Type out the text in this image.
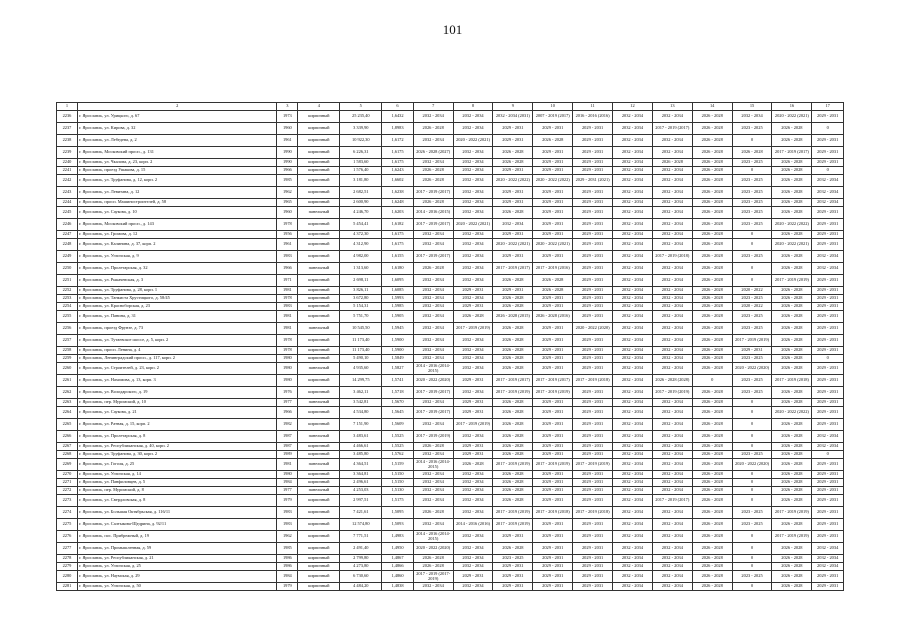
101
1	2	3	4	5	6	7	8	9	10	11	12	13	14	15	16	17
2236	г. Ярославль, ул. Урицкого, д. 67	1973	кирпичный	25 235,40	1,6432	2032 - 2034	2032 - 2034	2032 - 2034 (2031)	2007 - 2019 (2017)	2016 - 2016 (2016)	2032 - 2034	2032 - 2034	2026 - 2028	2032 - 2034	2020 - 2022 (2021)	2029 - 2031
2237	г. Ярославль, ул. Кирова, д. 32	1960	кирпичный	3 339,90	1,8983	2026 - 2028	2032 - 2034	2029 - 2031	2029 - 2031	2029 - 2031	2032 - 2034	2017 - 2019 (2017)	2026 - 2028	2023 - 2025	2026 - 2028	0
2238	г. Ярославль, ул. Лебедева, д. 2	1961	кирпичный	10 922,30	1,6172	2032 - 2034	2020 - 2022 (2021)	2029 - 2031	2026 - 2028	2029 - 2031	2032 - 2034	2032 - 2034	2026 - 2028	0	2026 - 2028	2029 - 2031
2239	г. Ярославль, Московский просп., д. 131	1990	кирпичный	6 226,31	1,6175	2026 - 2028 (2027)	2032 - 2034	2026 - 2028	2029 - 2031	2029 - 2031	2032 - 2034	2032 - 2034	2026 - 2028	2026 - 2028	2017 - 2019 (2017)	2029 - 2031
2240	г. Ярославль, ул. Чкалова, д. 23, корп. 2	1990	кирпичный	1 583,60	1,6175	2032 - 2034	2032 - 2034	2026 - 2028	2029 - 2031	2029 - 2031	2032 - 2034	2026 - 2028	2026 - 2028	2023 - 2025	2026 - 2028	2029 - 2031
2241	г. Ярославль, проезд Ушакова, д. 15	1966	кирпичный	1 576,40	1,6243	2026 - 2028	2032 - 2034	2029 - 2031	2029 - 2031	2029 - 2031	2032 - 2034	2032 - 2034	2026 - 2028	0	2026 - 2028	0
2242	г. Ярославль, ул. Труфанова, д. 12, корп. 2	1985	кирпичный	3 181,80	1,6602	2026 - 2028	2032 - 2034	2020 - 2022 (2022)	2020 - 2022 (2022)	2029 - 2031 (2021)	2032 - 2034	2032 - 2034	2026 - 2028	2023 - 2025	2026 - 2028	2032 - 2034
2243	г. Ярославль, ул. Левитана, д. 12	1962	кирпичный	2 682,51	1,6238	2017 - 2019 (2017)	2032 - 2034	2029 - 2031	2029 - 2031	2029 - 2031	2032 - 2034	2032 - 2034	2026 - 2028	2023 - 2025	2026 - 2028	2032 - 2034
2244	г. Ярославль, просп. Машиностроителей, д. 58	1965	кирпичный	2 600,90	1,6248	2026 - 2028	2032 - 2034	2029 - 2031	2029 - 2031	2029 - 2031	2032 - 2034	2032 - 2034	2026 - 2028	2023 - 2025	2026 - 2028	2032 - 2034
2245	г. Ярославль, ул. Саукова, д. 10	1960	панельный	4 246,70	1,6203	2014 - 2016 (2015)	2032 - 2034	2026 - 2028	2029 - 2031	2029 - 2031	2032 - 2034	2032 - 2034	2026 - 2028	2023 - 2025	2026 - 2028	2029 - 2031
2246	г. Ярославль, Московский просп., д. 143	1978	кирпичный	5 454,41	1,6182	2017 - 2019 (2017)	2020 - 2022 (2021)	2032 - 2034	2029 - 2031	2029 - 2031	2032 - 2034	2032 - 2034	2026 - 2028	2023 - 2025	2020 - 2022 (2022)	2029 - 2031
2247	г. Ярославль, ул. Громова, д. 12	1956	кирпичный	4 372,30	1,6175	2032 - 2034	2032 - 2034	2029 - 2031	2029 - 2031	2029 - 2031	2032 - 2034	2032 - 2034	2026 - 2028	0	2026 - 2028	2029 - 2031
2248	г. Ярославль, ул. Калинина, д. 37, корп. 2	1961	кирпичный	4 312,90	1,6175	2032 - 2034	2032 - 2034	2020 - 2022 (2021)	2020 - 2022 (2021)	2029 - 2031	2032 - 2034	2032 - 2034	2026 - 2028	0	2020 - 2022 (2021)	2029 - 2031
2249	г. Ярославль, ул. Угличская, д. 9	1983	кирпичный	4 982,00	1,6155	2017 - 2019 (2017)	2032 - 2034	2029 - 2031	2029 - 2031	2029 - 2031	2032 - 2034	2017 - 2019 (2018)	2026 - 2028	2023 - 2025	2026 - 2028	2032 - 2034
2250	г. Ярославль, ул. Пролетарская, д. 32	1966	панельный	1 313,60	1,6180	2026 - 2028	2032 - 2034	2017 - 2019 (2017)	2017 - 2019 (2016)	2029 - 2031	2032 - 2034	2032 - 2034	2026 - 2028	0	2026 - 2028	2032 - 2034
2251	г. Ярославль, ул. Рыкачевская, д. 3	1971	кирпичный	2 698,11	1,6095	2032 - 2034	2032 - 2034	2026 - 2028	2026 - 2028	2029 - 2031	2032 - 2034	2032 - 2034	2026 - 2028	0	2017 - 2019 (2019)	2029 - 2031
2252	г. Ярославль, ул. Труфанова, д. 28, корп. 1	1981	кирпичный	3 826,11	1,6085	2032 - 2034	2029 - 2031	2029 - 2031	2026 - 2028	2029 - 2031	2032 - 2034	2032 - 2034	2026 - 2028	2020 - 2022	2026 - 2028	2029 - 2031
2253	г. Ярославль, ул. Танкиста Хрустицкого, д. 58/45	1978	кирпичный	3 672,80	1,5993	2032 - 2034	2032 - 2034	2026 - 2028	2029 - 2031	2029 - 2031	2032 - 2034	2032 - 2034	2026 - 2028	2023 - 2025	2026 - 2028	2029 - 2031
2254	г. Ярославль, ул. Красноборская, д. 23	1983	кирпичный	5 154,31	1,5985	2032 - 2034	2029 - 2031	2026 - 2028	2029 - 2031	2029 - 2031	2032 - 2034	2032 - 2034	2026 - 2028	2020 - 2022	2026 - 2028	2029 - 2031
2255	г. Ярославль, ул. Панина, д. 31	1981	кирпичный	5 751,70	1,5905	2032 - 2034	2026 - 2028	2026 - 2028 (2015)	2026 - 2028 (2016)	2029 - 2031	2032 - 2034	2032 - 2034	2026 - 2028	2023 - 2025	2026 - 2028	2029 - 2031
2256	г. Ярославль, проезд Фрунзе, д. 73	1981	панельный	10 545,50	1,5945	2032 - 2034	2017 - 2019 (2019)	2026 - 2028	2029 - 2031	2020 - 2022 (2020)	2032 - 2034	2032 - 2034	2026 - 2028	2023 - 2025	2026 - 2028	2029 - 2031
2257	г. Ярославль, ул. Тутаевское шоссе, д. 5, корп. 2	1978	кирпичный	11 173,40	1,5900	2032 - 2034	2032 - 2034	2026 - 2028	2029 - 2031	2029 - 2031	2032 - 2034	2032 - 2034	2026 - 2028	2017 - 2019 (2019)	2026 - 2028	2029 - 2031
2258	г. Ярославль, просп. Ленина, д. 4	1978	кирпичный	11 173,40	1,5900	2032 - 2034	2032 - 2034	2026 - 2028	2029 - 2031	2029 - 2031	2032 - 2034	2032 - 2034	2026 - 2028	2029 - 2031	2026 - 2028	2029 - 2031
2259	г. Ярославль, Ленинградский просп., д. 117, корп. 2	1980	кирпичный	5 490,10	1,5849	2032 - 2034	2032 - 2034	2026 - 2028	2029 - 2031	2029 - 2031	2032 - 2034	2032 - 2034	2026 - 2028	2023 - 2025	2026 - 2028	0
2260	г. Ярославль, ул. Строителей, д. 23, корп. 2	1980	панельный	4 935,60	1,5827	2014 - 2016 (2014-2015)	2032 - 2034	2026 - 2028	2029 - 2031	2029 - 2031	2032 - 2034	2032 - 2034	2026 - 2028	2020 - 2022 (2020)	2026 - 2028	2029 - 2031
2261	г. Ярославль, ул. Нахимова, д. 13, корп. 3	1980	кирпичный	14 299,75	1,5741	2020 - 2022 (2020)	2029 - 2031	2017 - 2019 (2017)	2017 - 2019 (2017)	2017 - 2019 (2018)	2032 - 2034	2026 - 2028 (2028)	0	2023 - 2025	2017 - 2019 (2018)	2029 - 2031
2262	г. Ярославль, ул. Володарского, д. 19	1976	кирпичный	3 462,11	1,5718	2017 - 2019 (2017)	2032 - 2034	2017 - 2019 (2019)	2017 - 2019 (2019)	2029 - 2031	2032 - 2034	2017 - 2019 (2019)	2026 - 2028	2023 - 2025	2026 - 2028	2029 - 2031
2263	г. Ярославль, пер. Муромский, д. 10	1977	панельный	3 542,81	1,5670	2032 - 2034	2029 - 2031	2026 - 2028	2029 - 2031	2029 - 2031	2032 - 2034	2032 - 2034	2026 - 2028	0	2026 - 2028	2029 - 2031
2264	г. Ярославль, ул. Саукова, д. 21	1966	кирпичный	4 534,80	1,5645	2017 - 2019 (2017)	2029 - 2031	2026 - 2028	2029 - 2031	2029 - 2031	2032 - 2034	2032 - 2034	2026 - 2028	0	2020 - 2022 (2022)	2029 - 2031
2265	г. Ярославль, ул. Ратная, д. 15, корп. 2	1982	кирпичный	7 151,90	1,5609	2032 - 2034	2017 - 2019 (2019)	2026 - 2028	2029 - 2031	2029 - 2031	2032 - 2034	2032 - 2034	2026 - 2028	0	2026 - 2028	2029 - 2031
2266	г. Ярославль, ул. Пролетарская, д. 8	1987	панельный	3 483,61	1,5525	2017 - 2019 (2019)	2032 - 2034	2026 - 2028	2029 - 2031	2029 - 2031	2032 - 2034	2032 - 2034	2026 - 2028	0	2026 - 2028	2032 - 2034
2267	г. Ярославль, ул. Республиканская, д. 40, корп. 2	1987	кирпичный	4 466,61	1,5525	2026 - 2028	2029 - 2031	2026 - 2028	2029 - 2031	2029 - 2031	2032 - 2034	2032 - 2034	2026 - 2028	0	2026 - 2028	2032 - 2034
2268	г. Ярославль, ул. Труфанова, д. 30, корп. 2	1989	кирпичный	3 485,80	1,5762	2032 - 2034	2029 - 2031	2026 - 2028	2029 - 2031	2029 - 2031	2032 - 2034	2032 - 2034	2026 - 2028	2023 - 2025	2026 - 2028	0
2269	г. Ярославль, ул. Гоголя, д. 25	1981	панельный	4 364,51	1,5159	2014 - 2016 (2014-2015)	2026 - 2028	2017 - 2019 (2019)	2017 - 2019 (2019)	2017 - 2019 (2019)	2032 - 2034	2032 - 2034	2026 - 2028	2020 - 2022 (2020)	2026 - 2028	2029 - 2031
2270	г. Ярославль, ул. Угличская, д. 14	1980	кирпичный	3 364,81	1,5150	2032 - 2034	2032 - 2034	2026 - 2028	2029 - 2031	2029 - 2031	2032 - 2034	2032 - 2034	2026 - 2028	0	2026 - 2028	2029 - 2031
2271	г. Ярославль, ул. Панфиловцев, д. 5	1984	кирпичный	2 496,61	1,5150	2032 - 2034	2032 - 2034	2026 - 2028	2029 - 2031	2029 - 2031	2032 - 2034	2032 - 2034	2026 - 2028	0	2026 - 2028	2029 - 2031
2272	г. Ярославль, пер. Муромский, д. 8	1977	панельный	4 253,03	1,5130	2032 - 2034	2032 - 2034	2026 - 2028	2029 - 2031	2029 - 2031	2032 - 2034	2032 - 2034	2026 - 2028	0	2026 - 2028	2029 - 2031
2273	г. Ярославль, ул. Свердловская, д. 8	1979	кирпичный	2 997,51	1,5175	2032 - 2034	2032 - 2034	2026 - 2028	2029 - 2031	2029 - 2031	2032 - 2034	2017 - 2019 (2017)	2026 - 2028	0	2026 - 2028	2029 - 2031
2274	г. Ярославль, ул. Большая Октябрьская, д. 116/11	1983	кирпичный	7 421,61	1,5095	2026 - 2028	2032 - 2034	2017 - 2019 (2019)	2017 - 2019 (2018)	2017 - 2019 (2018)	2032 - 2034	2032 - 2034	2026 - 2028	2023 - 2025	2017 - 2019 (2019)	2029 - 2031
2275	г. Ярославль, ул. Салтыкова-Щедрина, д. 92/11	1983	кирпичный	12 574,80	1,5093	2032 - 2034	2014 - 2016 (2016)	2017 - 2019 (2019)	2029 - 2031	2029 - 2031	2032 - 2034	2032 - 2034	2026 - 2028	2023 - 2025	2026 - 2028	2029 - 2031
2276	г. Ярославль, пос. Прибрежный, д. 19	1962	кирпичный	7 771,51	1,4983	2014 - 2016 (2014-2015)	2032 - 2034	2029 - 2031	2029 - 2031	2029 - 2031	2032 - 2034	2032 - 2034	2026 - 2028	0	2017 - 2019 (2019)	2029 - 2031
2277	г. Ярославль, ул. Промышленная, д. 59	1985	кирпичный	2 491,40	1,4950	2020 - 2022 (2020)	2032 - 2034	2026 - 2028	2029 - 2031	2029 - 2031	2032 - 2034	2032 - 2034	2026 - 2028	0	2026 - 2028	2032 - 2034
2278	г. Ярославль, ул. Республиканская, д. 21	1986	кирпичный	2 799,80	1,4867	2026 - 2028	2032 - 2034	2023 - 2025	2029 - 2031	2029 - 2031	2032 - 2034	2032 - 2034	2026 - 2028	0	2026 - 2028	2032 - 2034
2279	г. Ярославль, ул. Угличская, д. 25	1986	кирпичный	4 273,80	1,4866	2026 - 2028	2032 - 2034	2029 - 2031	2029 - 2031	2029 - 2031	2032 - 2034	2032 - 2034	2026 - 2028	0	2026 - 2028	2032 - 2034
2280	г. Ярославль, ул. Наумская, д. 29	1984	кирпичный	6 730,60	1,4860	2017 - 2019 (2017-2019)	2029 - 2031	2029 - 2031	2029 - 2031	2029 - 2031	2032 - 2034	2032 - 2034	2026 - 2028	2023 - 2025	2026 - 2028	2029 - 2031
2281	г. Ярославль, ул. Угличская, д. 50	1979	кирпичный	4 484,20	1,4838	2032 - 2034	2032 - 2034	2029 - 2031	2029 - 2031	2029 - 2031	2032 - 2034	2032 - 2034	2026 - 2028	0	2026 - 2028	2029 - 2031
